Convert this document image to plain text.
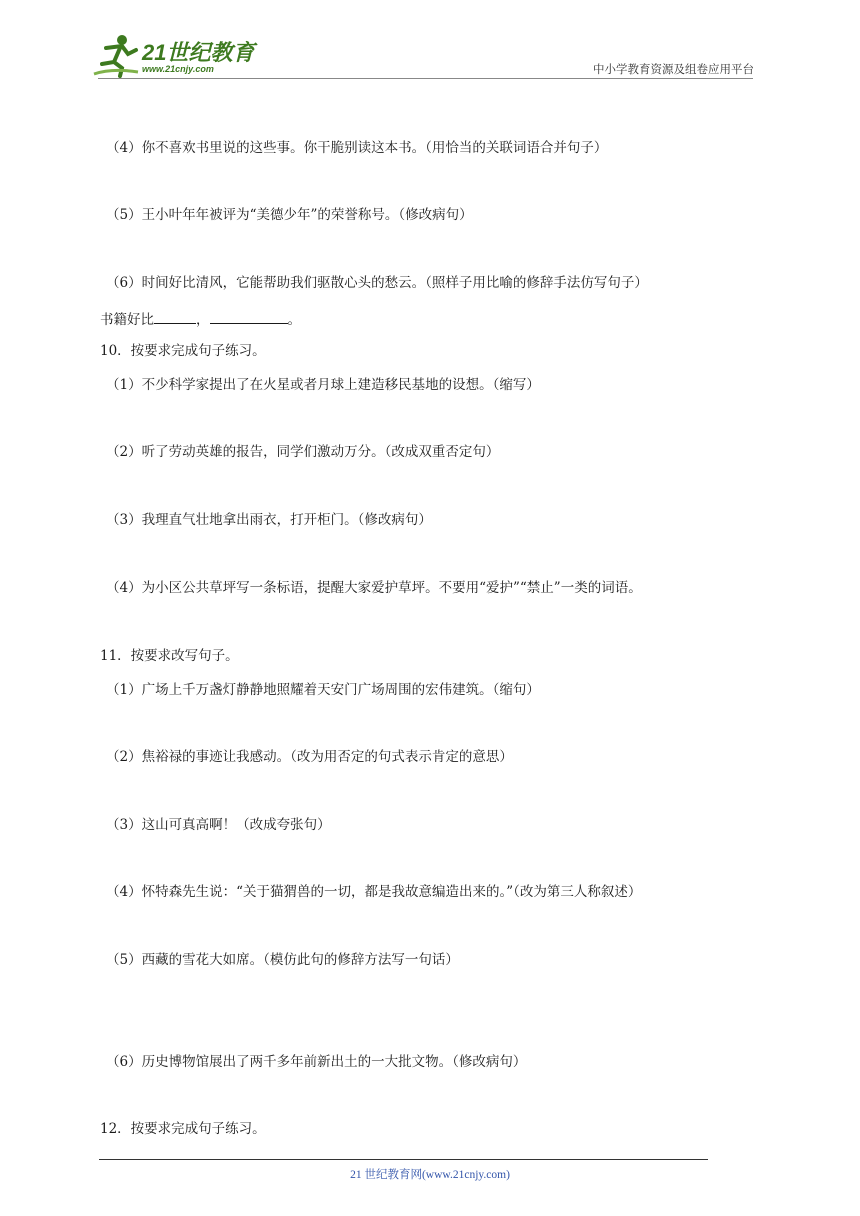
21世纪教育
www.21cnjy.com	中小学教育资源及组卷应用平台
（4）你不喜欢书里说的这些事。你干脆别读这本书。（用恰当的关联词语合并句子）
（5）王小叶年年被评为“美德少年”的荣誉称号。（修改病句）
（6）时间好比清风，它能帮助我们驱散心头的愁云。（照样子用比喻的修辞手法仿写句子）
书籍好比	，	。
10．按要求完成句子练习。
（1）不少科学家提出了在火星或者月球上建造移民基地的设想。（缩写）
（2）听了劳动英雄的报告，同学们激动万分。（改成双重否定句）
（3）我理直气壮地拿出雨衣，打开柜门。（修改病句）
（4）为小区公共草坪写一条标语，提醒大家爱护草坪。不要用“爱护”“禁止”一类的词语。
11．按要求改写句子。
（1）广场上千万盏灯静静地照耀着天安门广场周围的宏伟建筑。（缩句）
（2）焦裕禄的事迹让我感动。（改为用否定的句式表示肯定的意思）
（3）这山可真高啊！（改成夸张句）
（4）怀特森先生说：“关于猫猬兽的一切，都是我故意编造出来的。”（改为第三人称叙述）
（5）西藏的雪花大如席。（模仿此句的修辞方法写一句话）
（6）历史博物馆展出了两千多年前新出土的一大批文物。（修改病句）
12．按要求完成句子练习。
21 世纪教育网(www.21cnjy.com)
